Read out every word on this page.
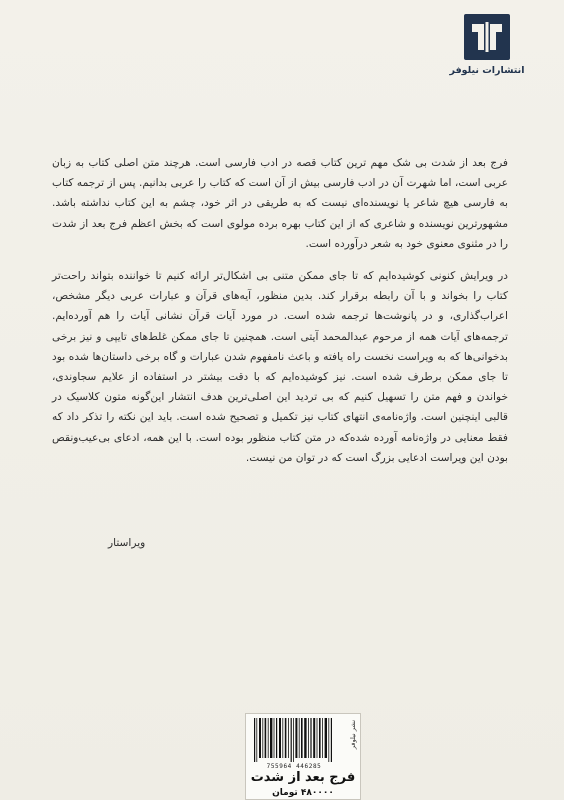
انتشارات نیلوفر

فرج بعد از شدت بی شک مهم ترین کتاب قصه در ادب فارسی است. هرچند متن اصلی کتاب به زبان عربی است، اما شهرت آن در ادب فارسی بیش از آن است که کتاب را عربی بدانیم. پس از ترجمه کتاب به فارسی هیچ شاعر یا نویسنده‌ای نیست که به طریقی در اثر خود، چشم به این کتاب نداشته باشد. مشهورترین نویسنده و شاعری که از این کتاب بهره برده مولوی است که بخش اعظم فرج بعد از شدت را در مثنوی معنوی خود به شعر درآورده است.

در ویرایش کنونی کوشیده‌ایم که تا جای ممکن متنی بی اشکال‌تر ارائه کنیم تا خواننده بتواند راحت‌تر کتاب را بخواند و با آن رابطه برقرار کند. بدین منظور، آیه‌های قرآن و عبارات عربی دیگر مشخص، اعراب‌گذاری، و در پانوشت‌ها ترجمه شده است. در مورد آیات قرآن نشانی آیات را هم آورده‌ایم. ترجمه‌های آیات همه از مرحوم عبدالمحمد آیتی است. همچنین تا جای ممکن غلط‌های تایپی و نیز برخی بدخوانی‌ها که به ویراست نخست راه یافته و باعث نامفهوم شدن عبارات و گاه برخی داستان‌ها شده بود تا جای ممکن برطرف شده است. نیز کوشیده‌ایم که با دقت بیشتر در استفاده از علایم سجاوندی، خواندن و فهم متن را تسهیل کنیم که بی تردید این اصلی‌ترین هدف انتشار این‌گونه متون کلاسیک در قالبی اینچنین است. واژه‌نامه‌ی انتهای کتاب نیز تکمیل و تصحیح شده است. باید این نکته را تذکر داد که فقط معنایی در واژه‌نامه آورده شده‌که در متن کتاب منظور بوده است. با این همه، ادعای بی‌عیب‌ونقص بودن این ویراست ادعایی بزرگ است که در توان من نیست.

ویراستار
755964 446285
نشر نیلوفر
فرج بعد از شدت
۴۸۰۰۰۰ تومان
